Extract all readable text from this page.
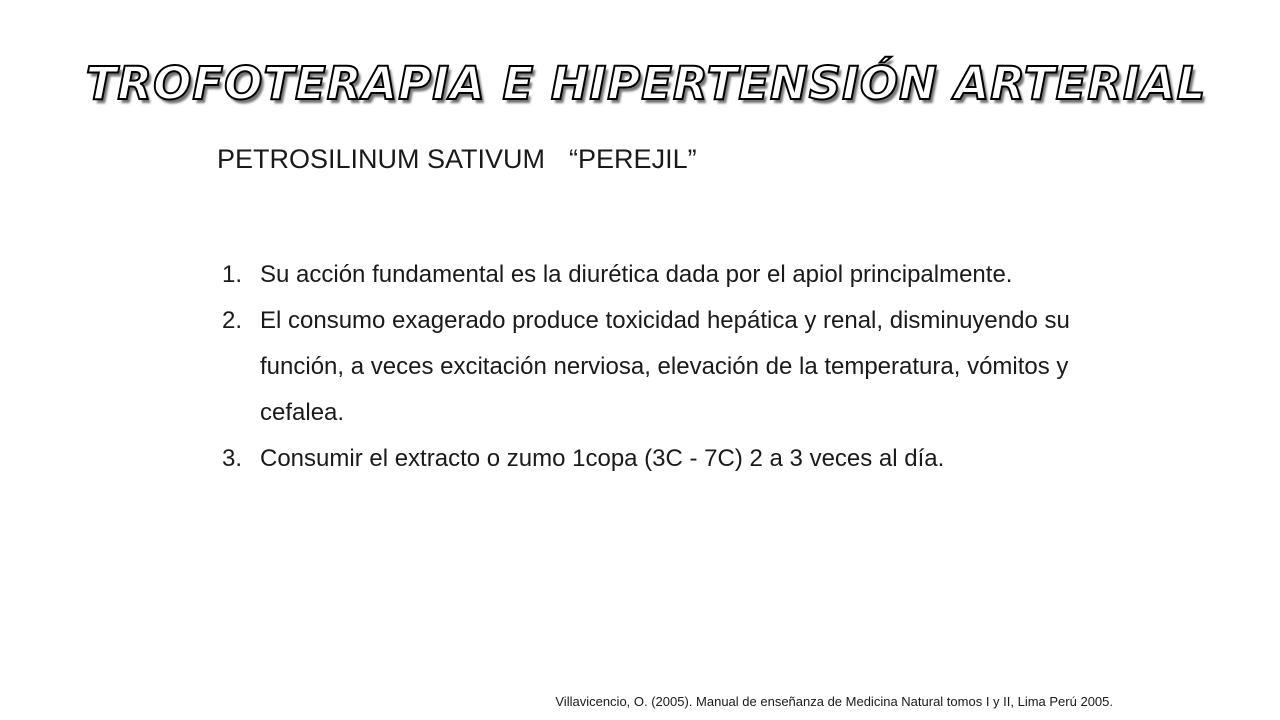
TROFOTERAPIA E HIPERTENSIÓN ARTERIAL
PETROSILINUM SATIVUM “PEREJIL”
1. Su acción fundamental es la diurética dada por el apiol principalmente.
2. El consumo exagerado produce toxicidad hepática y renal, disminuyendo su función, a veces excitación nerviosa, elevación de la temperatura, vómitos y cefalea.
3. Consumir el extracto o zumo 1copa (3C - 7C) 2 a 3 veces al día.
Villavicencio, O. (2005). Manual de enseñanza de Medicina Natural tomos I y II, Lima Perú 2005.
